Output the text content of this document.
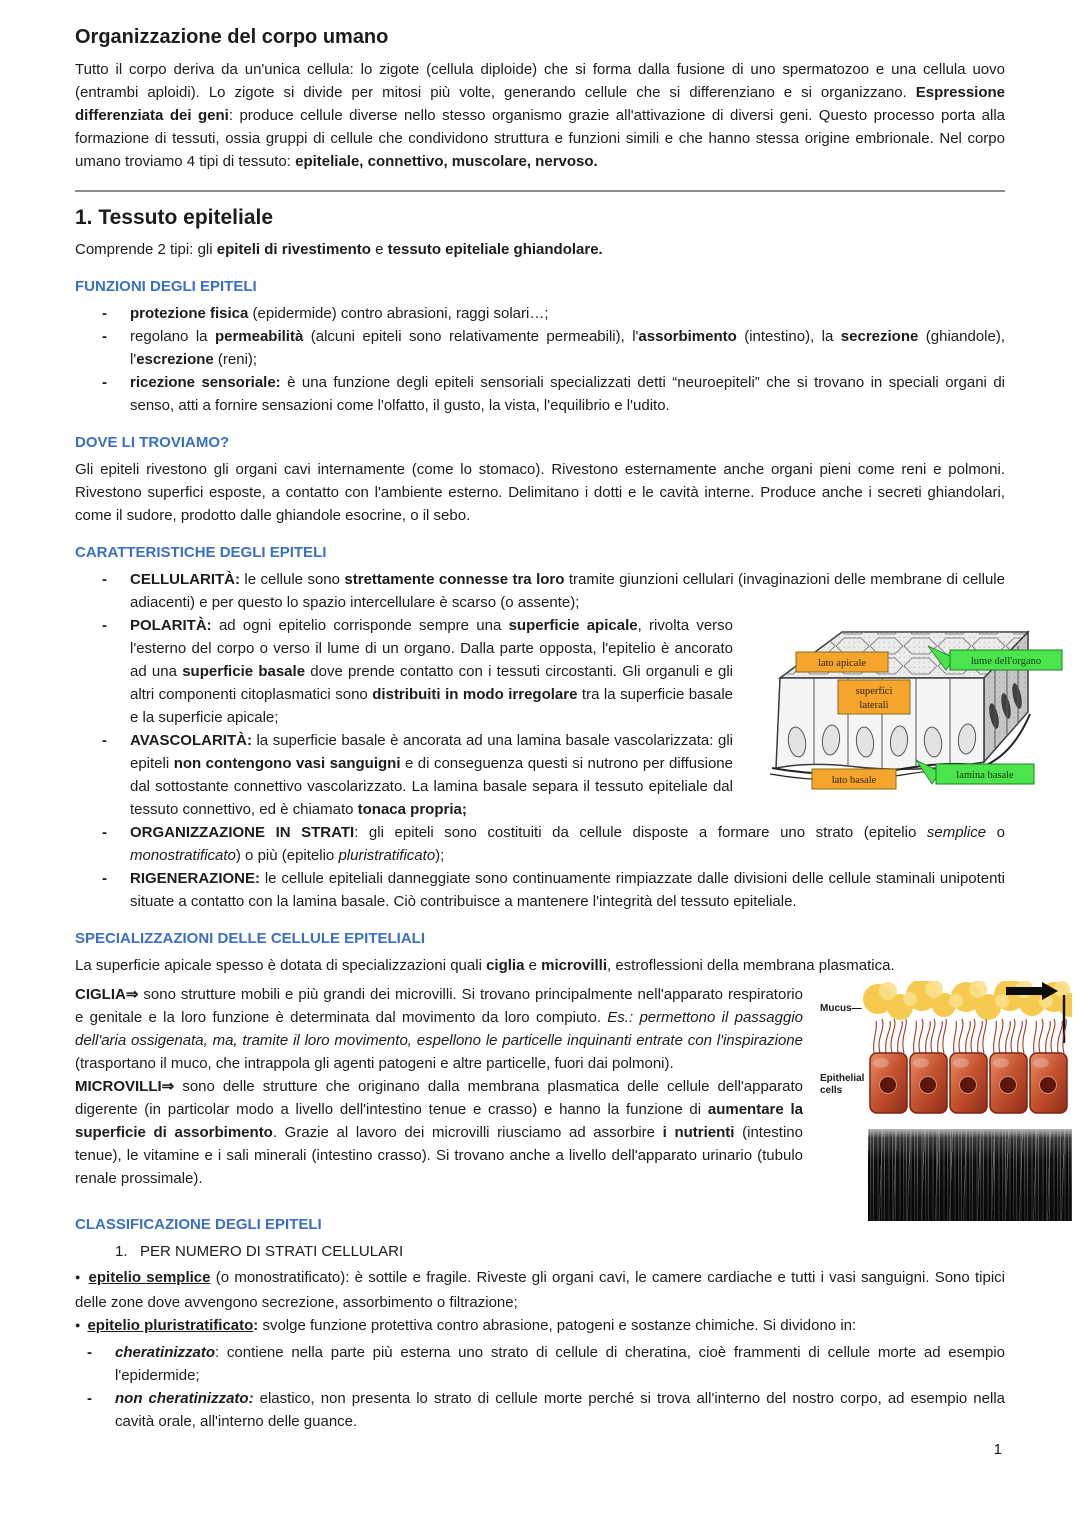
Organizzazione del corpo umano

Tutto il corpo deriva da un'unica cellula: lo zigote (cellula diploide) che si forma dalla fusione di uno spermatozoo e una cellula uovo (entrambi aploidi). Lo zigote si divide per mitosi più volte, generando cellule che si differenziano e si organizzano. Espressione differenziata dei geni: produce cellule diverse nello stesso organismo grazie all'attivazione di diversi geni. Questo processo porta alla formazione di tessuti, ossia gruppi di cellule che condividono struttura e funzioni simili e che hanno stessa origine embrionale. Nel corpo umano troviamo 4 tipi di tessuto: epiteliale, connettivo, muscolare, nervoso.

1. Tessuto epiteliale

Comprende 2 tipi: gli epiteli di rivestimento e tessuto epiteliale ghiandolare.

FUNZIONI DEGLI EPITELI
- protezione fisica (epidermide) contro abrasioni, raggi solari…;
- regolano la permeabilità (alcuni epiteli sono relativamente permeabili), l'assorbimento (intestino), la secrezione (ghiandole), l'escrezione (reni);
- ricezione sensoriale: è una funzione degli epiteli sensoriali specializzati detti “neuroepiteli” che si trovano in speciali organi di senso, atti a fornire sensazioni come l'olfatto, il gusto, la vista, l'equilibrio e l'udito.
DOVE LI TROVIAMO?

Gli epiteli rivestono gli organi cavi internamente (come lo stomaco). Rivestono esternamente anche organi pieni come reni e polmoni. Rivestono superfici esposte, a contatto con l'ambiente esterno. Delimitano i dotti e le cavità interne. Produce anche i secreti ghiandolari, come il sudore, prodotto dalle ghiandole esocrine, o il sebo.

CARATTERISTICHE DEGLI EPITELI
- CELLULARITÀ: le cellule sono strettamente connesse tra loro tramite giunzioni cellulari (invaginazioni delle membrane di cellule adiacenti) e per questo lo spazio intercellulare è scarso (o assente);
- lato apicale	lume dell'organo
superfici
laterali
lato basale	lamina basale
POLARITÀ: ad ogni epitelio corrisponde sempre una superficie apicale, rivolta verso l'esterno del corpo o verso il lume di un organo. Dalla parte opposta, l'epitelio è ancorato ad una superficie basale dove prende contatto con i tessuti circostanti. Gli organuli e gli altri componenti citoplasmatici sono distribuiti in modo irregolare tra la superficie basale e la superficie apicale;
- AVASCOLARITÀ: la superficie basale è ancorata ad una lamina basale vascolarizzata: gli epiteli non contengono vasi sanguigni e di conseguenza questi si nutrono per diffusione dal sottostante connettivo vascolarizzato. La lamina basale separa il tessuto epiteliale dal tessuto connettivo, ed è chiamato tonaca propria;
- ORGANIZZAZIONE IN STRATI: gli epiteli sono costituiti da cellule disposte a formare uno strato (epitelio semplice o monostratificato) o più (epitelio pluristratificato);
- RIGENERAZIONE: le cellule epiteliali danneggiate sono continuamente rimpiazzate dalle divisioni delle cellule staminali unipotenti situate a contatto con la lamina basale. Ciò contribuisce a mantenere l'integrità del tessuto epiteliale.
SPECIALIZZAZIONI DELLE CELLULE EPITELIALI

La superficie apicale spesso è dotata di specializzazioni quali ciglia e microvilli, estroflessioni della membrana plasmatica.

Mucus—
Epithelial
cells

CIGLIA⇒ sono strutture mobili e più grandi dei microvilli. Si trovano principalmente nell'apparato respiratorio e genitale e la loro funzione è determinata dal movimento da loro compiuto. Es.: permettono il passaggio dell'aria ossigenata, ma, tramite il loro movimento, espellono le particelle inquinanti entrate con l'inspirazione (trasportano il muco, che intrappola gli agenti patogeni e altre particelle, fuori dai polmoni).

MICROVILLI⇒ sono delle strutture che originano dalla membrana plasmatica delle cellule dell'apparato digerente (in particolar modo a livello dell'intestino tenue e crasso) e hanno la funzione di aumentare la superficie di assorbimento. Grazie al lavoro dei microvilli riusciamo ad assorbire i nutrienti (intestino tenue), le vitamine e i sali minerali (intestino crasso). Si trovano anche a livello dell'apparato urinario (tubulo renale prossimale).

CLASSIFICAZIONE DEGLI EPITELI

1.   PER NUMERO DI STRATI CELLULARI

● epitelio semplice (o monostratificato): è sottile e fragile. Riveste gli organi cavi, le camere cardiache e tutti i vasi sanguigni. Sono tipici delle zone dove avvengono secrezione, assorbimento o filtrazione;

● epitelio pluristratificato: svolge funzione protettiva contro abrasione, patogeni e sostanze chimiche. Si dividono in:

- cheratinizzato: contiene nella parte più esterna uno strato di cellule di cheratina, cioè frammenti di cellule morte ad esempio l'epidermide;
- non cheratinizzato: elastico, non presenta lo strato di cellule morte perché si trova all'interno del nostro corpo, ad esempio nella cavità orale, all'interno delle guance.
1
